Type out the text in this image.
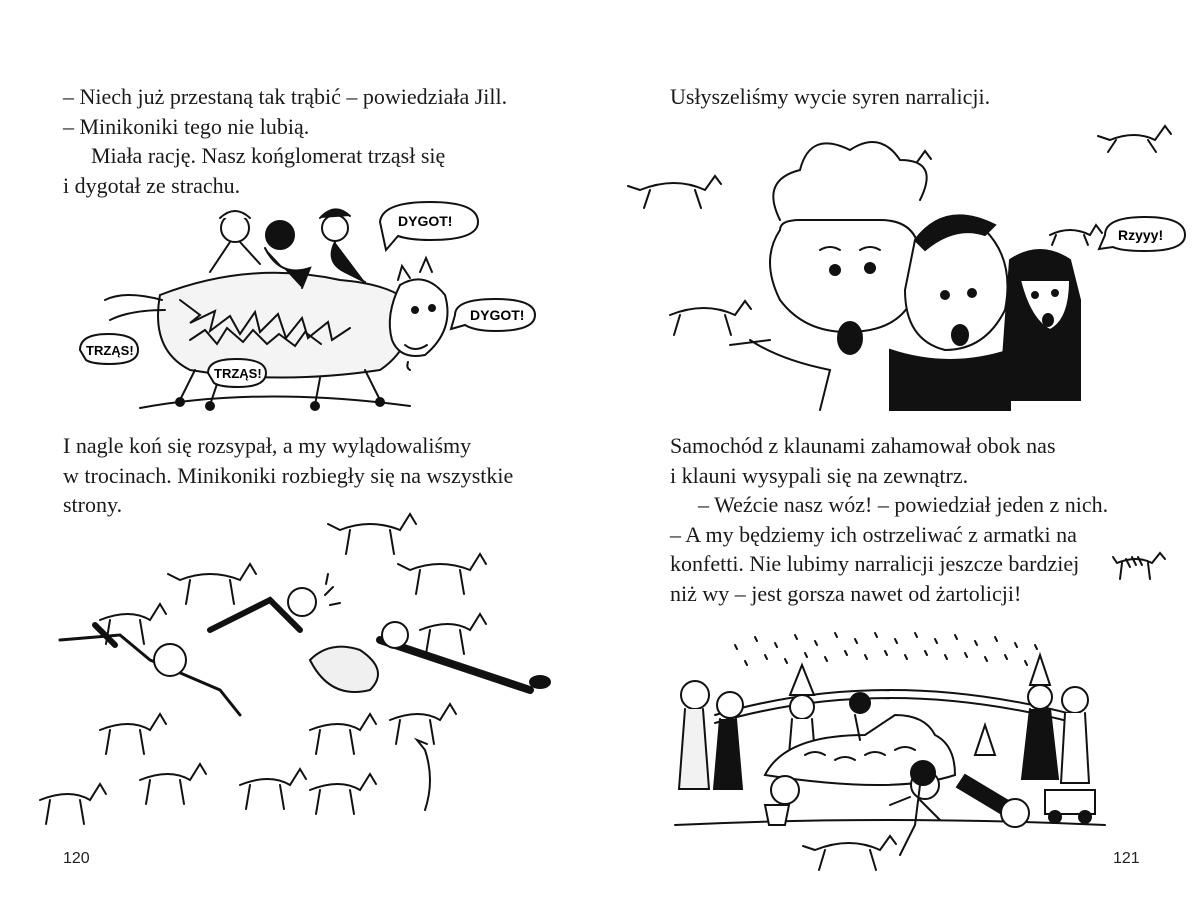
– Niech już przestaną tak trąbić – powiedziała Jill.
– Minikoniki tego nie lubią.
Miała rację. Nasz końglomerat trząsł się
i dygotał ze strachu.

DYGOT!
DYGOT!
TRZĄS!
TRZĄS!

I nagle koń się rozsypał, a my wylądowaliśmy
w trocinach. Minikoniki rozbiegły się na wszystkie
strony.

120

Usłyszeliśmy wycie syren narralicji.

Rzyyy!

Samochód z klaunami zahamował obok nas
i klauni wysypali się na zewnątrz.
– Weźcie nasz wóz! – powiedział jeden z nich.
– A my będziemy ich ostrzeliwać z armatki na
konfetti. Nie lubimy narralicji jeszcze bardziej
niż wy – jest gorsza nawet od żartolicji!

121
